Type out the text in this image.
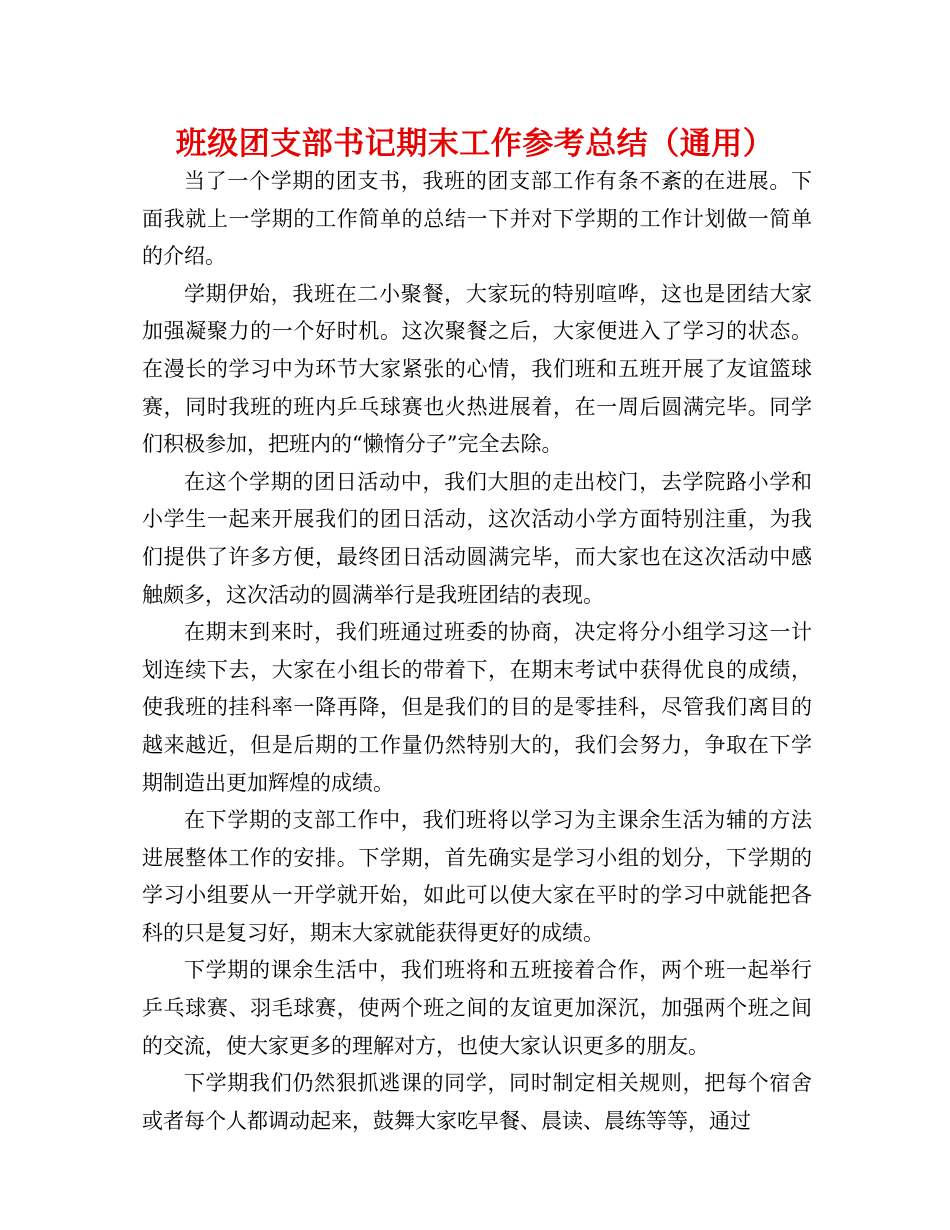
班级团支部书记期末工作参考总结（通用）

当了一个学期的团支书，我班的团支部工作有条不紊的在进展。下面我就上一学期的工作简单的总结一下并对下学期的工作计划做一简单的介绍。

学期伊始，我班在二小聚餐，大家玩的特别喧哗，这也是团结大家加强凝聚力的一个好时机。这次聚餐之后，大家便进入了学习的状态。在漫长的学习中为环节大家紧张的心情，我们班和五班开展了友谊篮球赛，同时我班的班内乒乓球赛也火热进展着，在一周后圆满完毕。同学们积极参加，把班内的“懒惰分子”完全去除。

在这个学期的团日活动中，我们大胆的走出校门，去学院路小学和小学生一起来开展我们的团日活动，这次活动小学方面特别注重，为我们提供了许多方便，最终团日活动圆满完毕，而大家也在这次活动中感触颇多，这次活动的圆满举行是我班团结的表现。

在期末到来时，我们班通过班委的协商，决定将分小组学习这一计划连续下去，大家在小组长的带着下，在期末考试中获得优良的成绩，使我班的挂科率一降再降，但是我们的目的是零挂科，尽管我们离目的越来越近，但是后期的工作量仍然特别大的，我们会努力，争取在下学期制造出更加辉煌的成绩。

在下学期的支部工作中，我们班将以学习为主课余生活为辅的方法进展整体工作的安排。下学期，首先确实是学习小组的划分，下学期的学习小组要从一开学就开始，如此可以使大家在平时的学习中就能把各科的只是复习好，期末大家就能获得更好的成绩。

下学期的课余生活中，我们班将和五班接着合作，两个班一起举行乒乓球赛、羽毛球赛，使两个班之间的友谊更加深沉，加强两个班之间的交流，使大家更多的理解对方，也使大家认识更多的朋友。

下学期我们仍然狠抓逃课的同学，同时制定相关规则，把每个宿舍或者每个人都调动起来，鼓舞大家吃早餐、晨读、晨练等等，通过
